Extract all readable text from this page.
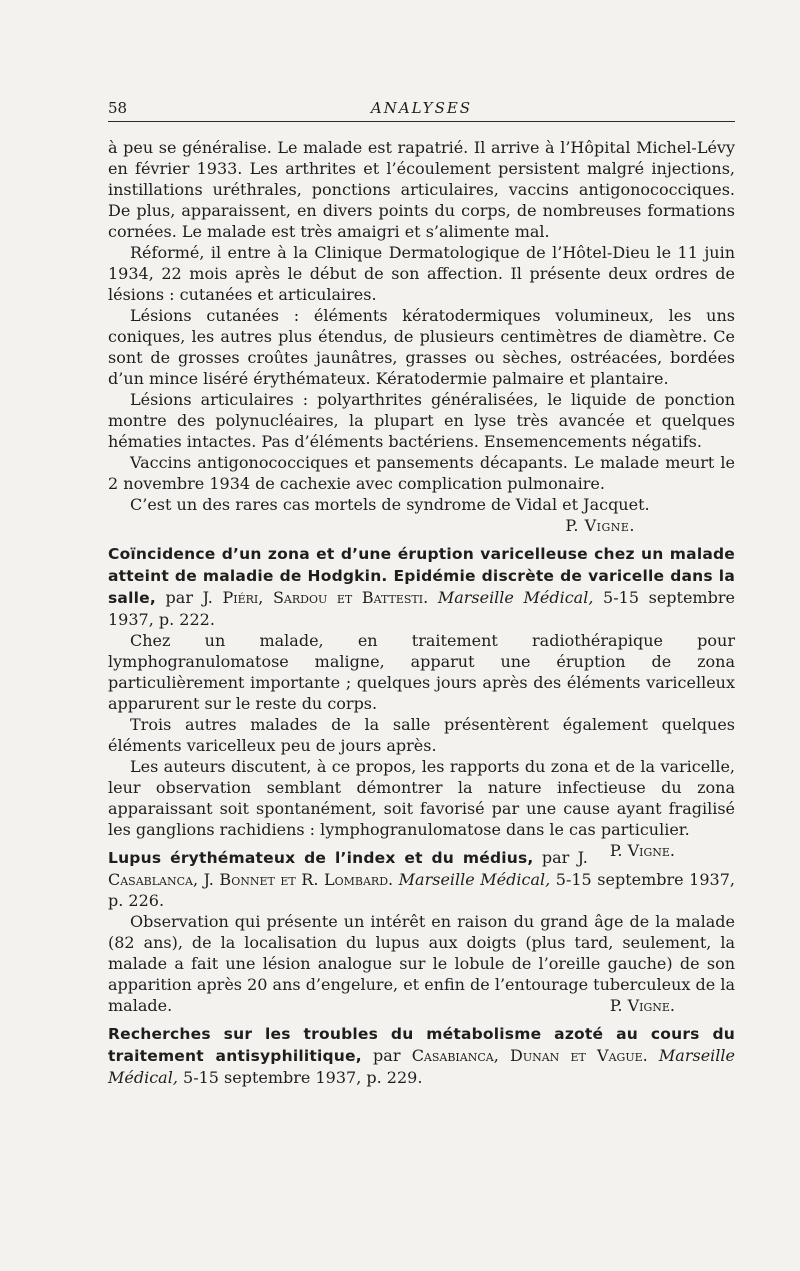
58	ANALYSES

à peu se généralise. Le malade est rapatrié. Il arrive à l’Hôpital Michel-Lévy en février 1933. Les arthrites et l’écoulement persistent malgré injections, instillations uréthrales, ponctions articulaires, vaccins antigonococciques. De plus, apparaissent, en divers points du corps, de nombreuses formations cornées. Le malade est très amaigri et s’alimente mal.

Réformé, il entre à la Clinique Dermatologique de l’Hôtel-Dieu le 11 juin 1934, 22 mois après le début de son affection. Il présente deux ordres de lésions : cutanées et articulaires.

Lésions cutanées : éléments kératodermiques volumineux, les uns coniques, les autres plus étendus, de plusieurs centimètres de diamètre. Ce sont de grosses croûtes jaunâtres, grasses ou sèches, ostréacées, bordées d’un mince liséré érythémateux. Kératodermie palmaire et plantaire.

Lésions articulaires : polyarthrites généralisées, le liquide de ponction montre des polynucléaires, la plupart en lyse très avancée et quelques hématies intactes. Pas d’éléments bactériens. Ensemencements négatifs.

Vaccins antigonococciques et pansements décapants. Le malade meurt le 2 novembre 1934 de cachexie avec complication pulmonaire.

C’est un des rares cas mortels de syndrome de Vidal et Jacquet.

P. Vigne.

Coïncidence d’un zona et d’une éruption varicelleuse chez un malade atteint de maladie de Hodgkin. Epidémie discrète de varicelle dans la salle, par J. Piéri, Sardou et Battesti. Marseille Médical, 5-15 septembre 1937, p. 222.

Chez un malade, en traitement radiothérapique pour lymphogranulomatose maligne, apparut une éruption de zona particulièrement importante ; quelques jours après des éléments varicelleux apparurent sur le reste du corps.

Trois autres malades de la salle présentèrent également quelques éléments varicelleux peu de jours après.

Les auteurs discutent, à ce propos, les rapports du zona et de la varicelle, leur observation semblant démontrer la nature infectieuse du zona apparaissant soit spontanément, soit favorisé par une cause ayant fragilisé les ganglions rachidiens : lymphogranulomatose dans le cas particulier.
P. Vigne.

Lupus érythémateux de l’index et du médius, par J. Casablanca, J. Bonnet et R. Lombard. Marseille Médical, 5-15 septembre 1937, p. 226.

Observation qui présente un intérêt en raison du grand âge de la malade (82 ans), de la localisation du lupus aux doigts (plus tard, seulement, la malade a fait une lésion analogue sur le lobule de l’oreille gauche) de son apparition après 20 ans d’engelure, et enfin de l’entourage tuberculeux de la malade.	P. Vigne.

Recherches sur les troubles du métabolisme azoté au cours du traitement antisyphilitique, par Casabianca, Dunan et Vague. Marseille Médical, 5-15 septembre 1937, p. 229.
